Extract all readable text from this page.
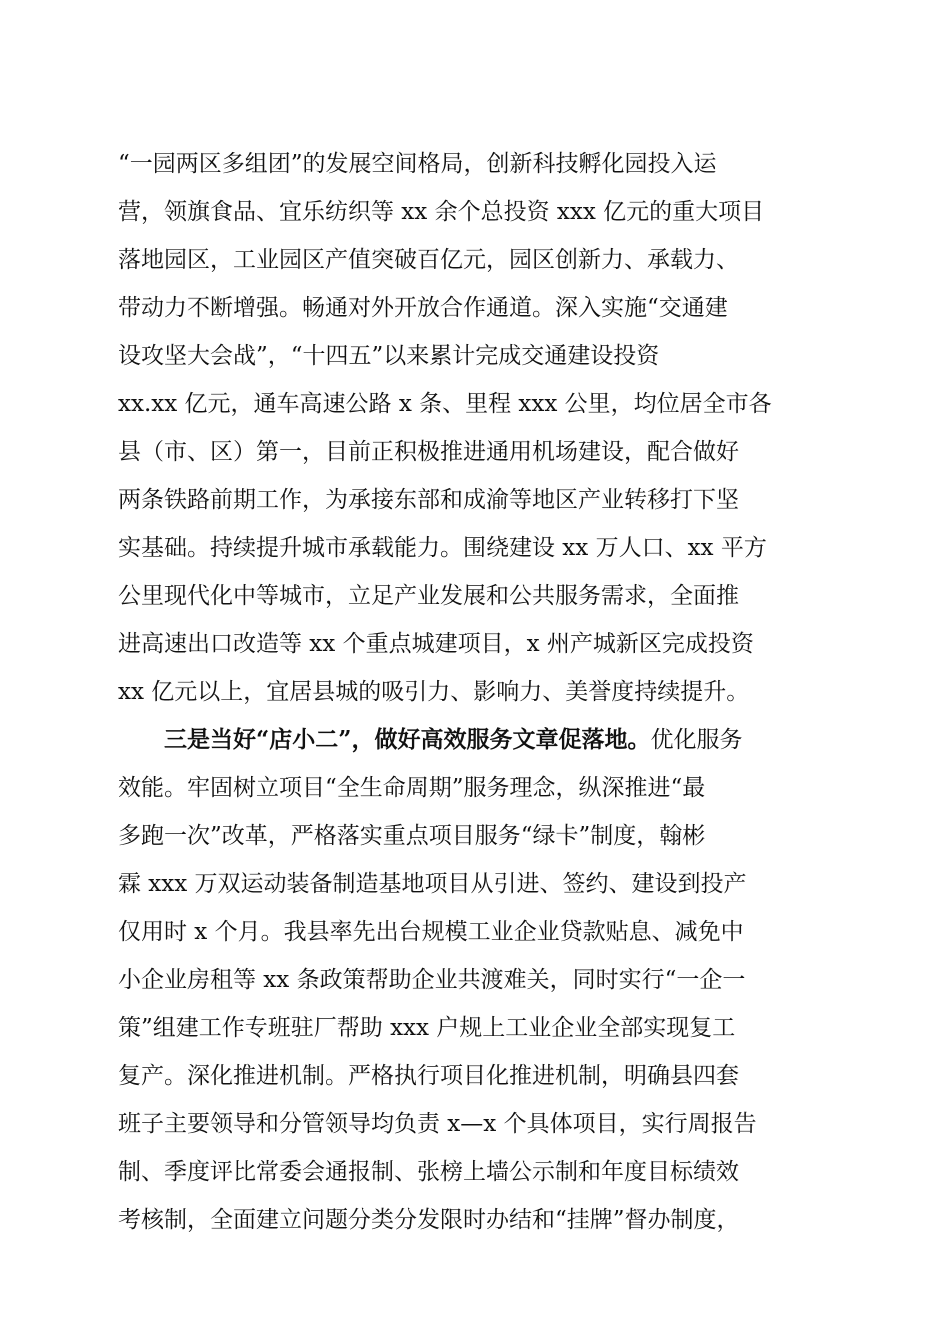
“一园两区多组团”的发展空间格局，创新科技孵化园投入运
营，领旗食品、宜乐纺织等 xx 余个总投资 xxx 亿元的重大项目
落地园区，工业园区产值突破百亿元，园区创新力、承载力、
带动力不断增强。畅通对外开放合作通道。深入实施“交通建
设攻坚大会战”，“十四五”以来累计完成交通建设投资
xx.xx 亿元，通车高速公路 x 条、里程 xxx 公里，均位居全市各
县（市、区）第一，目前正积极推进通用机场建设，配合做好
两条铁路前期工作，为承接东部和成渝等地区产业转移打下坚
实基础。持续提升城市承载能力。围绕建设 xx 万人口、xx 平方
公里现代化中等城市，立足产业发展和公共服务需求，全面推
进高速出口改造等 xx 个重点城建项目，x 州产城新区完成投资
xx 亿元以上，宜居县城的吸引力、影响力、美誉度持续提升。
三是当好“店小二”，做好高效服务文章促落地。优化服务
效能。牢固树立项目“全生命周期”服务理念，纵深推进“最
多跑一次”改革，严格落实重点项目服务“绿卡”制度，翰彬
霖 xxx 万双运动装备制造基地项目从引进、签约、建设到投产
仅用时 x 个月。我县率先出台规模工业企业贷款贴息、减免中
小企业房租等 xx 条政策帮助企业共渡难关，同时实行“一企一
策”组建工作专班驻厂帮助 xxx 户规上工业企业全部实现复工
复产。深化推进机制。严格执行项目化推进机制，明确县四套
班子主要领导和分管领导均负责 x—x 个具体项目，实行周报告
制、季度评比常委会通报制、张榜上墙公示制和年度目标绩效
考核制，全面建立问题分类分发限时办结和“挂牌”督办制度，
